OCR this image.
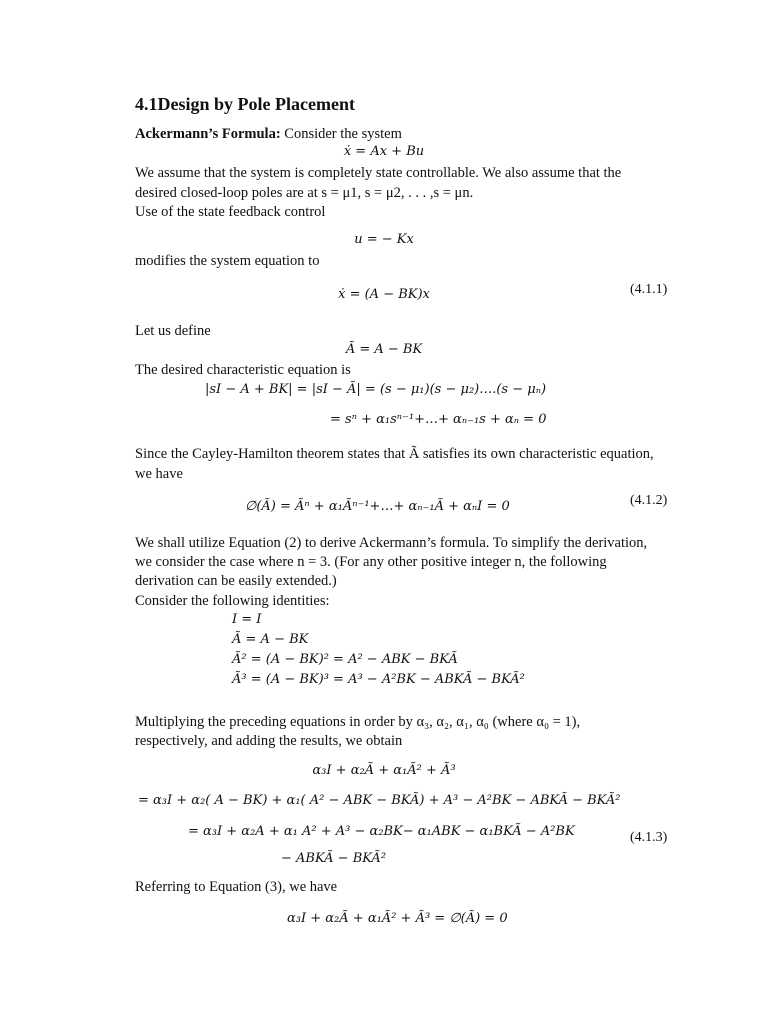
4.1Design by Pole Placement
Ackermann’s Formula: Consider the system
ẋ = Ax + Bu
We assume that the system is completely state controllable. We also assume that the
desired closed-loop poles are at s = μ1, s = μ2, . . . ,s = μn.
Use of the state feedback control
u = − Kx
modifies the system equation to
ẋ = (A − BK)x	(4.1.1)
Let us define
Ã = A − BK
The desired characteristic equation is
|sI − A + BK| = |sI − Ã| = (s − μ₁)(s − μ₂)….(s − μₙ)
= sⁿ + α₁sⁿ⁻¹+…+ αₙ₋₁s + αₙ = 0
Since the Cayley-Hamilton theorem states that Ã satisfies its own characteristic equation,
we have
∅(Ã) = Ãⁿ + α₁Ãⁿ⁻¹+…+ αₙ₋₁Ã + αₙI = 0	(4.1.2)
We shall utilize Equation (2) to derive Ackermann’s formula. To simplify the derivation,
we consider the case where n = 3. (For any other positive integer n, the following
derivation can be easily extended.)
Consider the following identities:
I = I
Ã = A − BK
Ã² = (A − BK)² = A² − ABK − BKÃ
Ã³ = (A − BK)³ = A³ − A²BK − ABKÃ − BKÃ²
Multiplying the preceding equations in order by α₃, α₂, α₁, α₀ (where α₀ = 1),
respectively, and adding the results, we obtain
α₃I + α₂Ã + α₁Ã² + Ã³
= α₃I + α₂( A − BK) + α₁( A² − ABK − BKÃ) + A³ − A²BK − ABKÃ − BKÃ²
= α₃I + α₂A + α₁ A² + A³ − α₂BK− α₁ABK − α₁BKÃ − A²BK	(4.1.3)
− ABKÃ − BKÃ²
Referring to Equation (3), we have
α₃I + α₂Ã + α₁Ã² + Ã³ = ∅(Ã) = 0
